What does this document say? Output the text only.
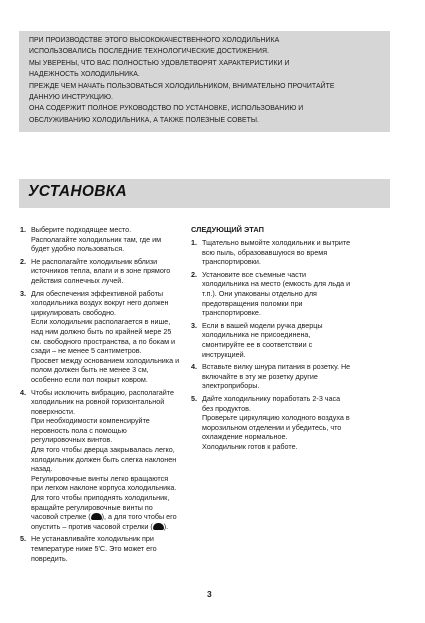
ПРИ ПРОИЗВОДСТВЕ ЭТОГО ВЫСОКОКАЧЕСТВЕННОГО ХОЛОДИЛЬНИКА

ИСПОЛЬЗОВАЛИСЬ ПОСЛЕДНИЕ ТЕХНОЛОГИЧЕСКИЕ ДОСТИЖЕНИЯ.

МЫ УВЕРЕНЫ, ЧТО ВАС ПОЛНОСТЬЮ УДОВЛЕТВОРЯТ ХАРАКТЕРИСТИКИ И

НАДЕЖНОСТЬ ХОЛОДИЛЬНИКА.

ПРЕЖДЕ ЧЕМ НАЧАТЬ ПОЛЬЗОВАТЬСЯ ХОЛОДИЛЬНИКОМ, ВНИМАТЕЛЬНО ПРОЧИТАЙТЕ

ДАННУЮ ИНСТРУКЦИЮ.

ОНА СОДЕРЖИТ ПОЛНОЕ РУКОВОДСТВО ПО УСТАНОВКЕ, ИСПОЛЬЗОВАНИЮ И

ОБСЛУЖИВАНИЮ ХОЛОДИЛЬНИКА, А ТАКЖЕ ПОЛЕЗНЫЕ СОВЕТЫ.

УСТАНОВКА
1. Выберите подходящее место.

Располагайте холодильник там, где им

будет удобно пользоваться.

2. Не располагайте холодильник вблизи

источников тепла, влаги и в зоне прямого

действия солнечных лучей.

3. Для обеспечения эффективной работы

холодильника воздух вокруг него должен

циркулировать свободно.

Если холодильник располагается в нише,

над ним должно быть по крайней мере 25

см. свободного пространства, а по бокам и

сзади – не менее 5 сантиметров.

Просвет между основанием холодильника и

полом должен быть не менее 3 см,

особенно если пол покрыт ковром.

4. Чтобы исключить вибрацию, располагайте

холодильник на ровной горизонтальной

поверхности.

При необходимости компенсируйте

неровность пола с помощью

регулировочных винтов.

Для того чтобы дверца закрывалась легко,

холодильник должен быть слегка наклонен

назад.

Регулировочные винты легко вращаются

при легком наклоне корпуса холодильника.

Для того чтобы приподнять холодильник,

вращайте регулировочные винты по

часовой стрелке ( ), а для того чтобы его

опустить – против часовой стрелки ( ).

5. Не устанавливайте холодильник при

температуре ниже 5'С. Это может его

повредить.

СЛЕДУЮЩИЙ ЭТАП
1. Тщательно вымойте холодильник и вытрите

всю пыль, образовавшуюся во время

транспортировки.

2. Установите все съемные части

холодильника на место (емкость для льда и

т.п.). Они упакованы отдельно для

предотвращения поломки при

транспортировке.

3. Если в вашей модели ручка дверцы

холодильника не присоединена,

смонтируйте ее в соответствии с

инструкцией.

4. Вставьте вилку шнура питания в розетку. Не

включайте в эту же розетку другие

электроприборы.

5. Дайте холодильнику поработать 2-3 часа

без продуктов.

Проверьте циркуляцию холодного воздуха в

морозильном отделении и убедитесь, что

охлаждение нормальное.

Холодильник готов к работе.

3
